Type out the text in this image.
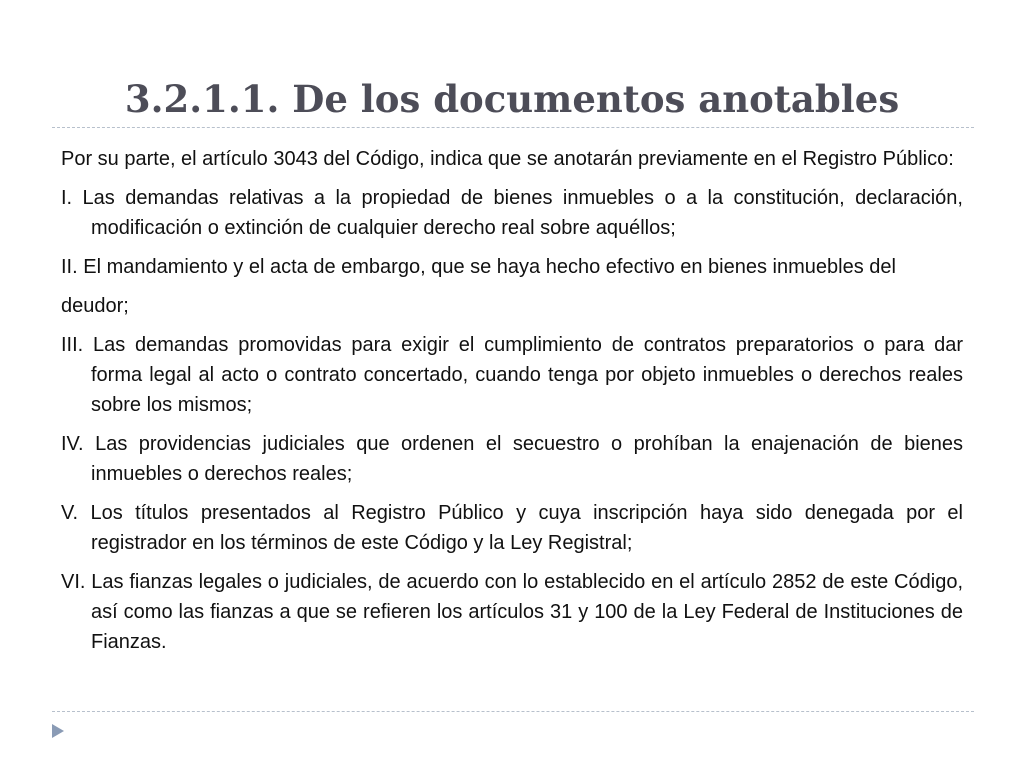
3.2.1.1. De los documentos anotables

Por su parte, el artículo 3043 del Código, indica que se anotarán previamente en el Registro Público:

I. Las demandas relativas a la propiedad de bienes inmuebles o a la constitución, declaración, modificación o extinción de cualquier derecho real sobre aquéllos;

II. El mandamiento y el acta de embargo, que se haya hecho efectivo en bienes inmuebles del

deudor;

III. Las demandas promovidas para exigir el cumplimiento de contratos preparatorios o para dar forma legal al acto o contrato concertado, cuando tenga por objeto inmuebles o derechos reales sobre los mismos;

IV. Las providencias judiciales que ordenen el secuestro o prohíban la enajenación de bienes inmuebles o derechos reales;

V. Los títulos presentados al Registro Público y cuya inscripción haya sido denegada por el registrador en los términos de este Código y la Ley Registral;

VI. Las fianzas legales o judiciales, de acuerdo con lo establecido en el artículo 2852 de este Código, así como las fianzas a que se refieren los artículos 31 y 100 de la Ley Federal de Instituciones de Fianzas.
